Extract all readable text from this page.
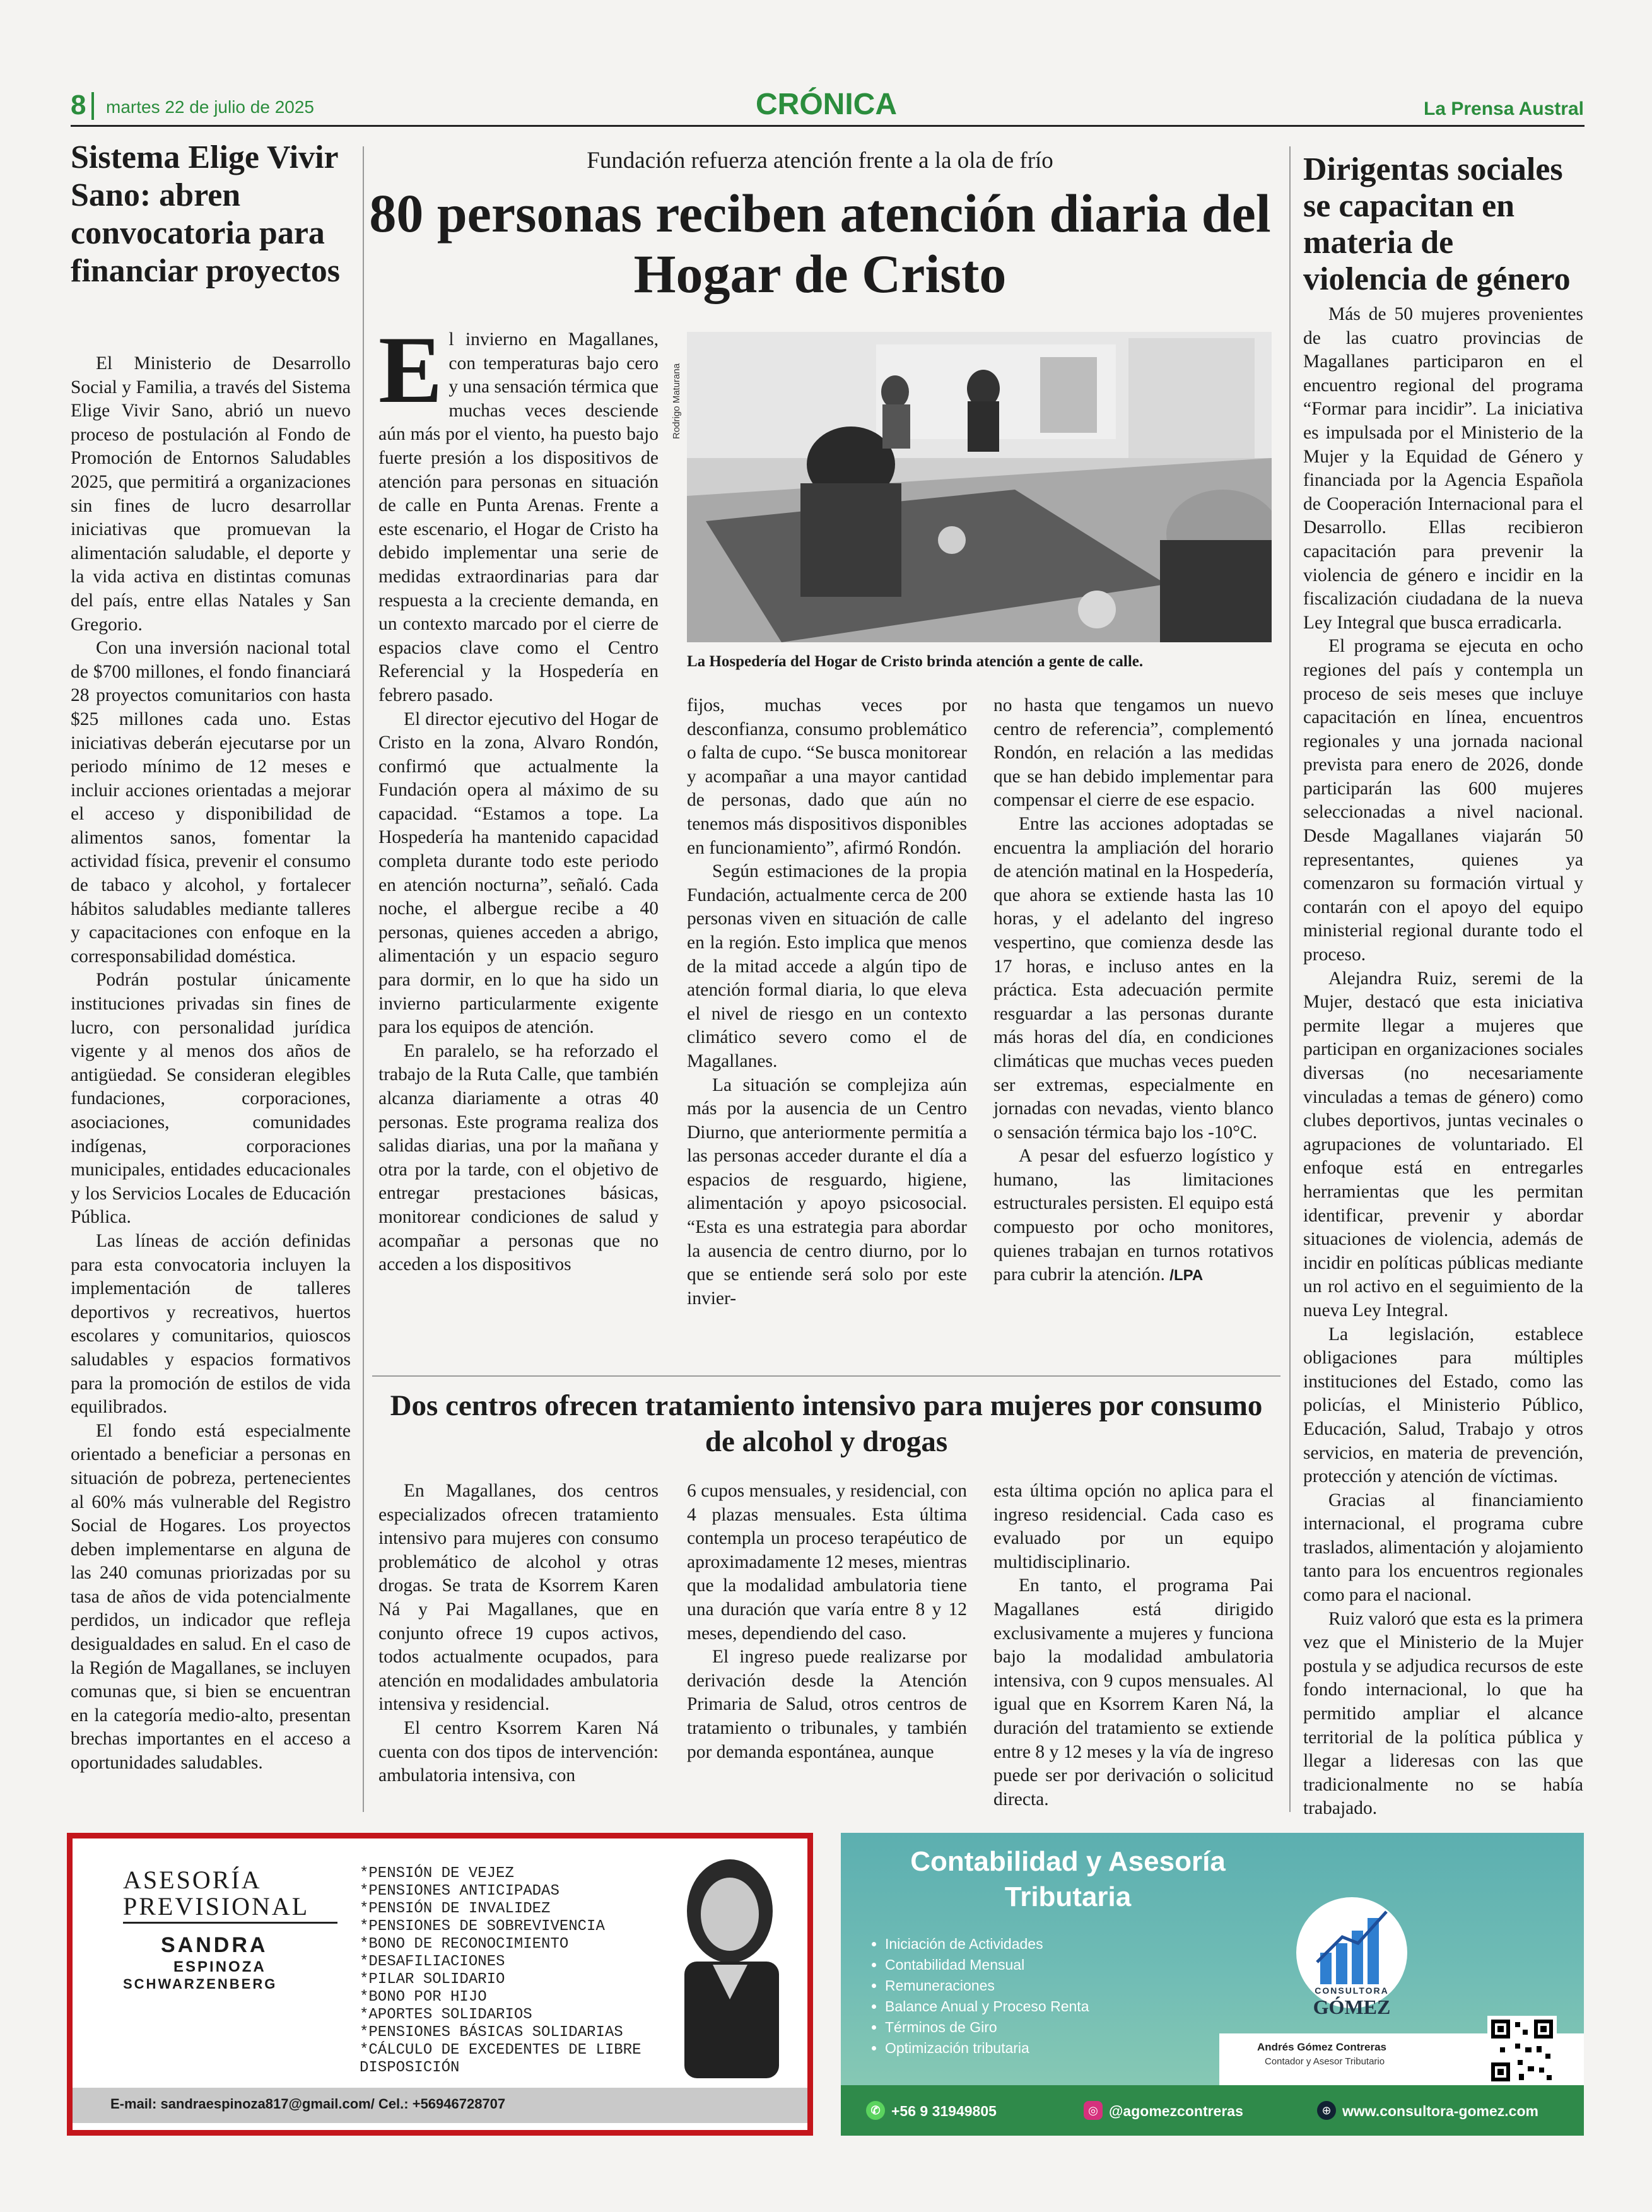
8 martes 22 de julio de 2025	CRÓNICA	La Prensa Austral
Sistema Elige Vivir Sano: abren convocatoria para financiar proyectos

El Ministerio de Desarrollo Social y Familia, a través del Sistema Elige Vivir Sano, abrió un nuevo proceso de postulación al Fondo de Promoción de Entornos Saludables 2025, que permitirá a organizaciones sin fines de lucro desarrollar iniciativas que promuevan la alimentación saludable, el deporte y la vida activa en distintas comunas del país, entre ellas Natales y San Gregorio.

Con una inversión nacional total de $700 millones, el fondo financiará 28 proyectos comunitarios con hasta $25 millones cada uno. Estas iniciativas deberán ejecutarse por un periodo mínimo de 12 meses e incluir acciones orientadas a mejorar el acceso y disponibilidad de alimentos sanos, fomentar la actividad física, prevenir el consumo de tabaco y alcohol, y fortalecer hábitos saludables mediante talleres y capacitaciones con enfoque en la corresponsabilidad doméstica.

Podrán postular únicamente instituciones privadas sin fines de lucro, con personalidad jurídica vigente y al menos dos años de antigüedad. Se consideran elegibles fundaciones, corporaciones, asociaciones, comunidades indígenas, corporaciones municipales, entidades educacionales y los Servicios Locales de Educación Pública.

Las líneas de acción definidas para esta convocatoria incluyen la implementación de talleres deportivos y recreativos, huertos escolares y comunitarios, quioscos saludables y espacios formativos para la promoción de estilos de vida equilibrados.

El fondo está especialmente orientado a beneficiar a personas en situación de pobreza, pertenecientes al 60% más vulnerable del Registro Social de Hogares. Los proyectos deben implementarse en alguna de las 240 comunas priorizadas por su tasa de años de vida potencialmente perdidos, un indicador que refleja desigualdades en salud. En el caso de la Región de Magallanes, se incluyen comunas que, si bien se encuentran en la categoría medio-alto, presentan brechas importantes en el acceso a oportunidades saludables.

Fundación refuerza atención frente a la ola de frío
80 personas reciben atención diaria del Hogar de Cristo
Rodrigo Maturana
La Hospedería del Hogar de Cristo brinda atención a gente de calle.
E l invierno en Magallanes, con temperaturas bajo cero y una sensación térmica que muchas veces desciende aún más por el viento, ha puesto bajo fuerte presión a los dispositivos de atención para personas en situación de calle en Punta Arenas. Frente a este escenario, el Hogar de Cristo ha debido implementar una serie de medidas extraordinarias para dar respuesta a la creciente demanda, en un contexto marcado por el cierre de espacios clave como el Centro Referencial y la Hospedería en febrero pasado.

El director ejecutivo del Hogar de Cristo en la zona, Alvaro Rondón, confirmó que actualmente la Fundación opera al máximo de su capacidad. “Estamos a tope. La Hospedería ha mantenido capacidad completa durante todo este periodo en atención nocturna”, señaló. Cada noche, el albergue recibe a 40 personas, quienes acceden a abrigo, alimentación y un espacio seguro para dormir, en lo que ha sido un invierno particularmente exigente para los equipos de atención.

En paralelo, se ha reforzado el trabajo de la Ruta Calle, que también alcanza diariamente a otras 40 personas. Este programa realiza dos salidas diarias, una por la mañana y otra por la tarde, con el objetivo de entregar prestaciones básicas, monitorear condiciones de salud y acompañar a personas que no acceden a los dispositivos

fijos, muchas veces por desconfianza, consumo problemático o falta de cupo. “Se busca monitorear y acompañar a una mayor cantidad de personas, dado que aún no tenemos más dispositivos disponibles en funcionamiento”, afirmó Rondón.

Según estimaciones de la propia Fundación, actualmente cerca de 200 personas viven en situación de calle en la región. Esto implica que menos de la mitad accede a algún tipo de atención formal diaria, lo que eleva el nivel de riesgo en un contexto climático severo como el de Magallanes.

La situación se complejiza aún más por la ausencia de un Centro Diurno, que anteriormente permitía a las personas acceder durante el día a espacios de resguardo, higiene, alimentación y apoyo psicosocial. “Esta es una estrategia para abordar la ausencia de centro diurno, por lo que se entiende será solo por este invier-

no hasta que tengamos un nuevo centro de referencia”, complementó Rondón, en relación a las medidas que se han debido implementar para compensar el cierre de ese espacio.

Entre las acciones adoptadas se encuentra la ampliación del horario de atención matinal en la Hospedería, que ahora se extiende hasta las 10 horas, y el adelanto del ingreso vespertino, que comienza desde las 17 horas, e incluso antes en la práctica. Esta adecuación permite resguardar a las personas durante más horas del día, en condiciones climáticas que muchas veces pueden ser extremas, especialmente en jornadas con nevadas, viento blanco o sensación térmica bajo los -10°C.

A pesar del esfuerzo logístico y humano, las limitaciones estructurales persisten. El equipo está compuesto por ocho monitores, quienes trabajan en turnos rotativos para cubrir la atención. /LPA

Dos centros ofrecen tratamiento intensivo para mujeres por consumo de alcohol y drogas

En Magallanes, dos centros especializados ofrecen tratamiento intensivo para mujeres con consumo problemático de alcohol y otras drogas. Se trata de Ksorrem Karen Ná y Pai Magallanes, que en conjunto ofrece 19 cupos activos, todos actualmente ocupados, para atención en modalidades ambulatoria intensiva y residencial.

El centro Ksorrem Karen Ná cuenta con dos tipos de intervención: ambulatoria intensiva, con

6 cupos mensuales, y residencial, con 4 plazas mensuales. Esta última contempla un proceso terapéutico de aproximadamente 12 meses, mientras que la modalidad ambulatoria tiene una duración que varía entre 8 y 12 meses, dependiendo del caso.

El ingreso puede realizarse por derivación desde la Atención Primaria de Salud, otros centros de tratamiento o tribunales, y también por demanda espontánea, aunque

esta última opción no aplica para el ingreso residencial. Cada caso es evaluado por un equipo multidisciplinario.

En tanto, el programa Pai Magallanes está dirigido exclusivamente a mujeres y funciona bajo la modalidad ambulatoria intensiva, con 9 cupos mensuales. Al igual que en Ksorrem Karen Ná, la duración del tratamiento se extiende entre 8 y 12 meses y la vía de ingreso puede ser por derivación o solicitud directa.

Dirigentas sociales se capacitan en materia de violencia de género

Más de 50 mujeres provenientes de las cuatro provincias de Magallanes participaron en el encuentro regional del programa “Formar para incidir”. La iniciativa es impulsada por el Ministerio de la Mujer y la Equidad de Género y financiada por la Agencia Española de Cooperación Internacional para el Desarrollo. Ellas recibieron capacitación para prevenir la violencia de género e incidir en la fiscalización ciudadana de la nueva Ley Integral que busca erradicarla.

El programa se ejecuta en ocho regiones del país y contempla un proceso de seis meses que incluye capacitación en línea, encuentros regionales y una jornada nacional prevista para enero de 2026, donde participarán las 600 mujeres seleccionadas a nivel nacional. Desde Magallanes viajarán 50 representantes, quienes ya comenzaron su formación virtual y contarán con el apoyo del equipo ministerial regional durante todo el proceso.

Alejandra Ruiz, seremi de la Mujer, destacó que esta iniciativa permite llegar a mujeres que participan en organizaciones sociales diversas (no necesariamente vinculadas a temas de género) como clubes deportivos, juntas vecinales o agrupaciones de voluntariado. El enfoque está en entregarles herramientas que les permitan identificar, prevenir y abordar situaciones de violencia, además de incidir en políticas públicas mediante un rol activo en el seguimiento de la nueva Ley Integral.

La legislación, establece obligaciones para múltiples instituciones del Estado, como las policías, el Ministerio Público, Educación, Salud, Trabajo y otros servicios, en materia de prevención, protección y atención de víctimas.

Gracias al financiamiento internacional, el programa cubre traslados, alimentación y alojamiento tanto para los encuentros regionales como para el nacional.

Ruiz valoró que esta es la primera vez que el Ministerio de la Mujer postula y se adjudica recursos de este fondo internacional, lo que ha permitido ampliar el alcance territorial de la política pública y llegar a lideresas con las que tradicionalmente no se había trabajado.

ASESORÍA
PREVISIONAL
SANDRA
ESPINOZA
SCHWARZENBERG
*PENSIÓN DE VEJEZ
*PENSIONES ANTICIPADAS
*PENSIÓN DE INVALIDEZ
*PENSIONES DE SOBREVIVENCIA
*BONO DE RECONOCIMIENTO
*DESAFILIACIONES
*PILAR SOLIDARIO
*BONO POR HIJO
*APORTES SOLIDARIOS
*PENSIONES BÁSICAS SOLIDARIAS
*CÁLCULO DE EXCEDENTES DE LIBRE DISPOSICIÓN
E-mail: sandraespinoza817@gmail.com/ Cel.: +56946728707
Contabilidad y Asesoría Tributaria
• Iniciación de Actividades
• Contabilidad Mensual
• Remuneraciones
• Balance Anual y Proceso Renta
• Términos de Giro
• Optimización tributaria
CONSULTORA
GÓMEZ
Andrés Gómez Contreras
Contador y Asesor Tributario
✆ +56 9 31949805	◎ @agomezcontreras	⊕ www.consultora-gomez.com
